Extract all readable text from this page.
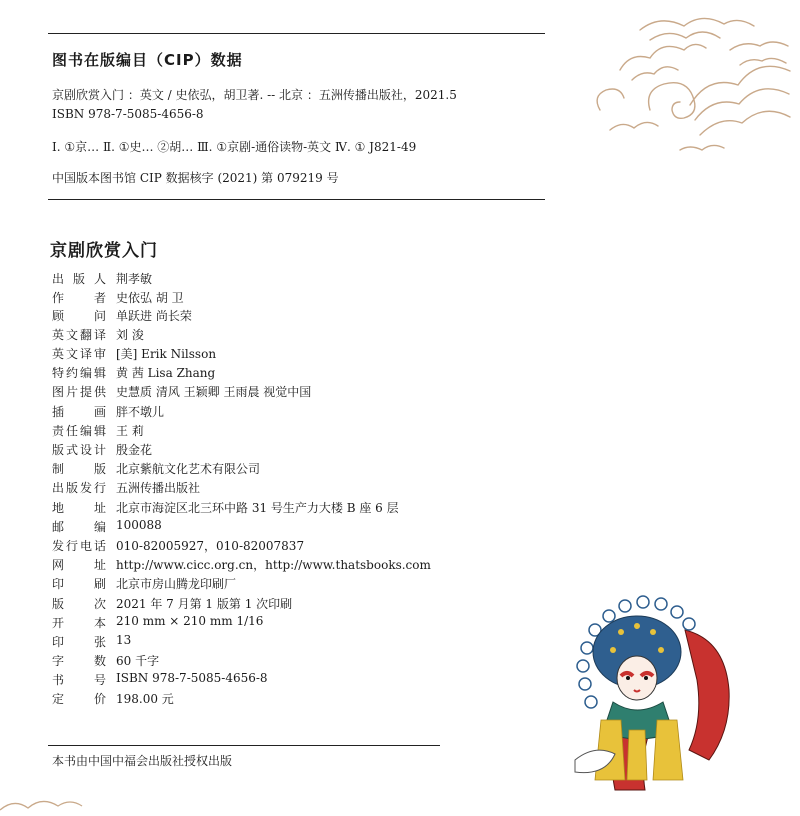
图书在版编目（CIP）数据
京剧欣赏入门 ：英文 / 史依弘，胡卫著. -- 北京 ：五洲传播出版社，2021.5
ISBN 978-7-5085-4656-8
Ⅰ. ①京… Ⅱ. ①史… ②胡… Ⅲ. ①京剧-通俗读物-英文 Ⅳ. ① J821-49
中国版本图书馆 CIP 数据核字 (2021) 第 079219 号
京剧欣赏入门
出版人 荆孝敏
作者 史依弘 胡 卫
顾问 单跃进 尚长荣
英文翻译 刘 浚
英文译审 [美] Erik Nilsson
特约编辑 黄 茜 Lisa Zhang
图片提供 史慧质 清风 王颖卿 王雨晨 视觉中国
插画 胖不墩儿
责任编辑 王 莉
版式设计 殷金花
制版 北京紫航文化艺术有限公司
出版发行 五洲传播出版社
地址 北京市海淀区北三环中路 31 号生产力大楼 B 座 6 层
邮编 100088
发行电话 010-82005927，010-82007837
网址 http://www.cicc.org.cn，http://www.thatsbooks.com
印刷 北京市房山腾龙印刷厂
版次 2021 年 7 月第 1 版第 1 次印刷
开本 210 mm × 210 mm 1/16
印张 13
字数 60 千字
书号 ISBN 978-7-5085-4656-8
定价 198.00 元
本书由中国中福会出版社授权出版
